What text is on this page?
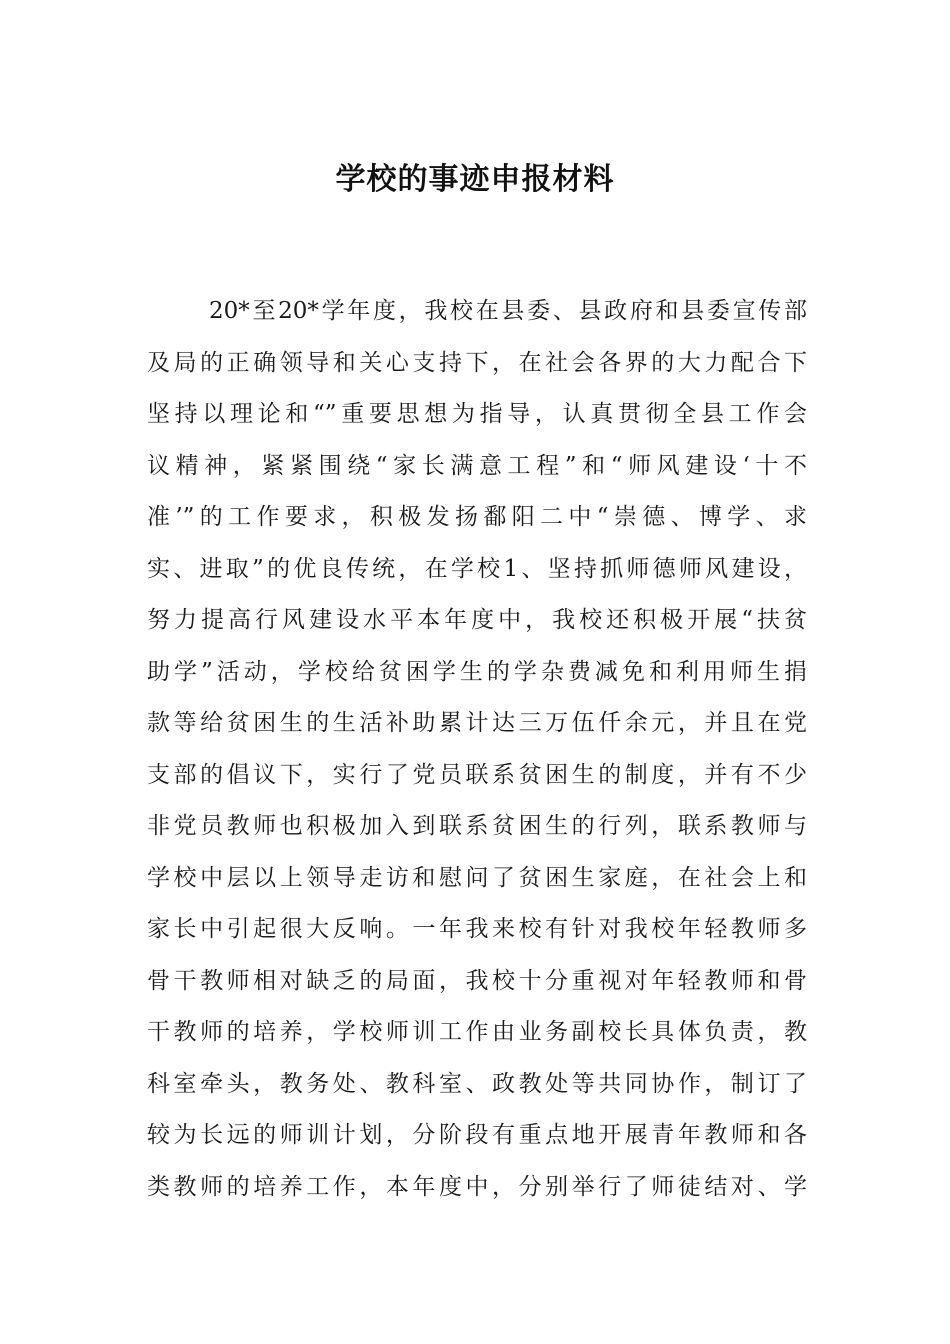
学校的事迹申报材料
20*至20*学年度，我校在县委、县政府和县委宣传部
及局的正确领导和关心支持下，在社会各界的大力配合下
坚持以理论和“”重要思想为指导，认真贯彻全县工作会
议精神，紧紧围绕“家长满意工程”和“师风建设‘十不
准’”的工作要求，积极发扬鄱阳二中“崇德、博学、求
实、进取”的优良传统，在学校1、坚持抓师德师风建设，
努力提高行风建设水平本年度中，我校还积极开展“扶贫
助学”活动，学校给贫困学生的学杂费减免和利用师生捐
款等给贫困生的生活补助累计达三万伍仟余元，并且在党
支部的倡议下，实行了党员联系贫困生的制度，并有不少
非党员教师也积极加入到联系贫困生的行列，联系教师与
学校中层以上领导走访和慰问了贫困生家庭，在社会上和
家长中引起很大反响。一年我来校有针对我校年轻教师多
骨干教师相对缺乏的局面，我校十分重视对年轻教师和骨
干教师的培养，学校师训工作由业务副校长具体负责，教
科室牵头，教务处、教科室、政教处等共同协作，制订了
较为长远的师训计划，分阶段有重点地开展青年教师和各
类教师的培养工作，本年度中，分别举行了师徒结对、学
